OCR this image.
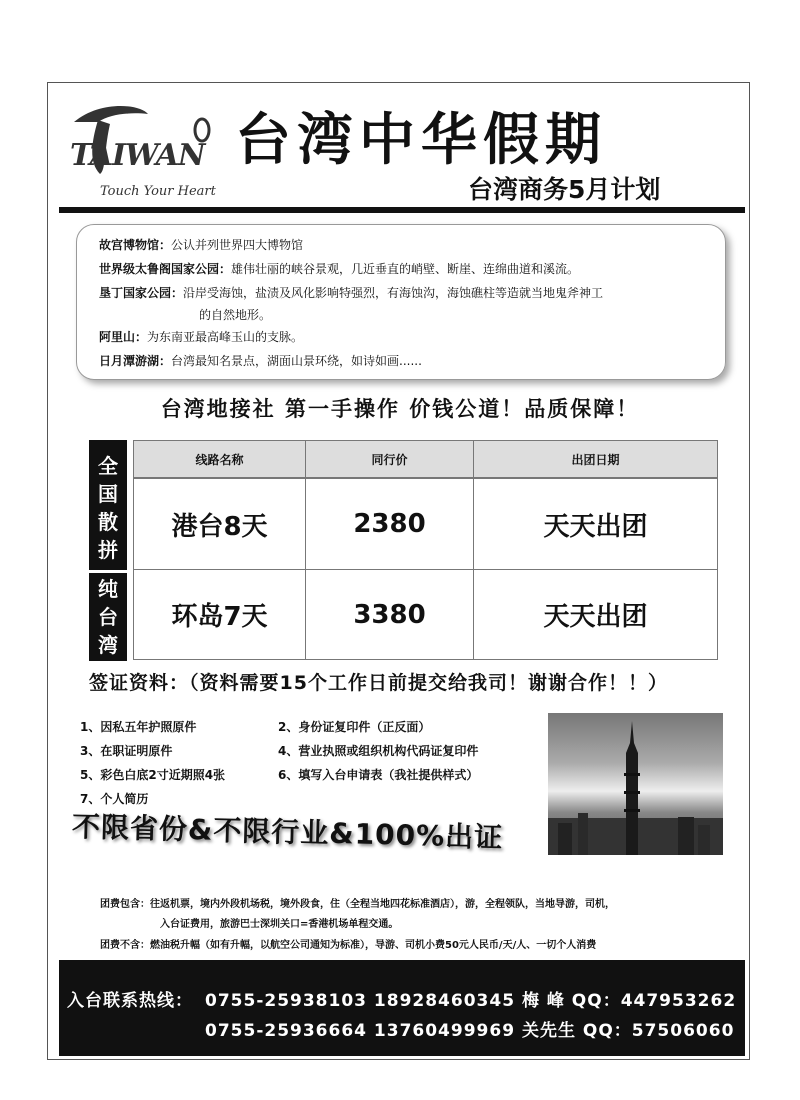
TAIWAN
Touch Your Heart
台湾中华假期
台湾商务5月计划
故宫博物馆：公认并列世界四大博物馆
世界级太鲁阁国家公园：雄伟壮丽的峡谷景观，几近垂直的峭壁、断崖、连绵曲道和溪流。
垦丁国家公园：沿岸受海蚀，盐渍及风化影响特强烈，有海蚀沟，海蚀礁柱等造就当地鬼斧神工
的自然地形。
阿里山：为东南亚最高峰玉山的支脉。
日月潭游湖：台湾最知名景点，湖面山景环绕，如诗如画......
台湾地接社 第一手操作 价钱公道！品质保障！
全国散拼
纯台湾
线路名称	同行价	出团日期
港台8天	2380	天天出团
环岛7天	3380	天天出团
签证资料：（资料需要15个工作日前提交给我司！谢谢合作！！）
1、因私五年护照原件	2、身份证复印件（正反面）
3、在职证明原件	4、营业执照或组织机构代码证复印件
5、彩色白底2寸近期照4张	6、填写入台申请表（我社提供样式）
7、个人简历
不限省份&不限行业&100%出证
团费包含：往返机票，境内外段机场税，境外段食，住（全程当地四花标准酒店），游，全程领队，当地导游，司机，
入台证费用，旅游巴士深圳关口=香港机场单程交通。
团费不含：燃油税升幅（如有升幅，以航空公司通知为标准），导游、司机小费50元人民币/天/人、一切个人消费
入台联系热线： 0755-25938103 18928460345 梅 峰 QQ：447953262
0755-25936664 13760499969 关先生 QQ：57506060
